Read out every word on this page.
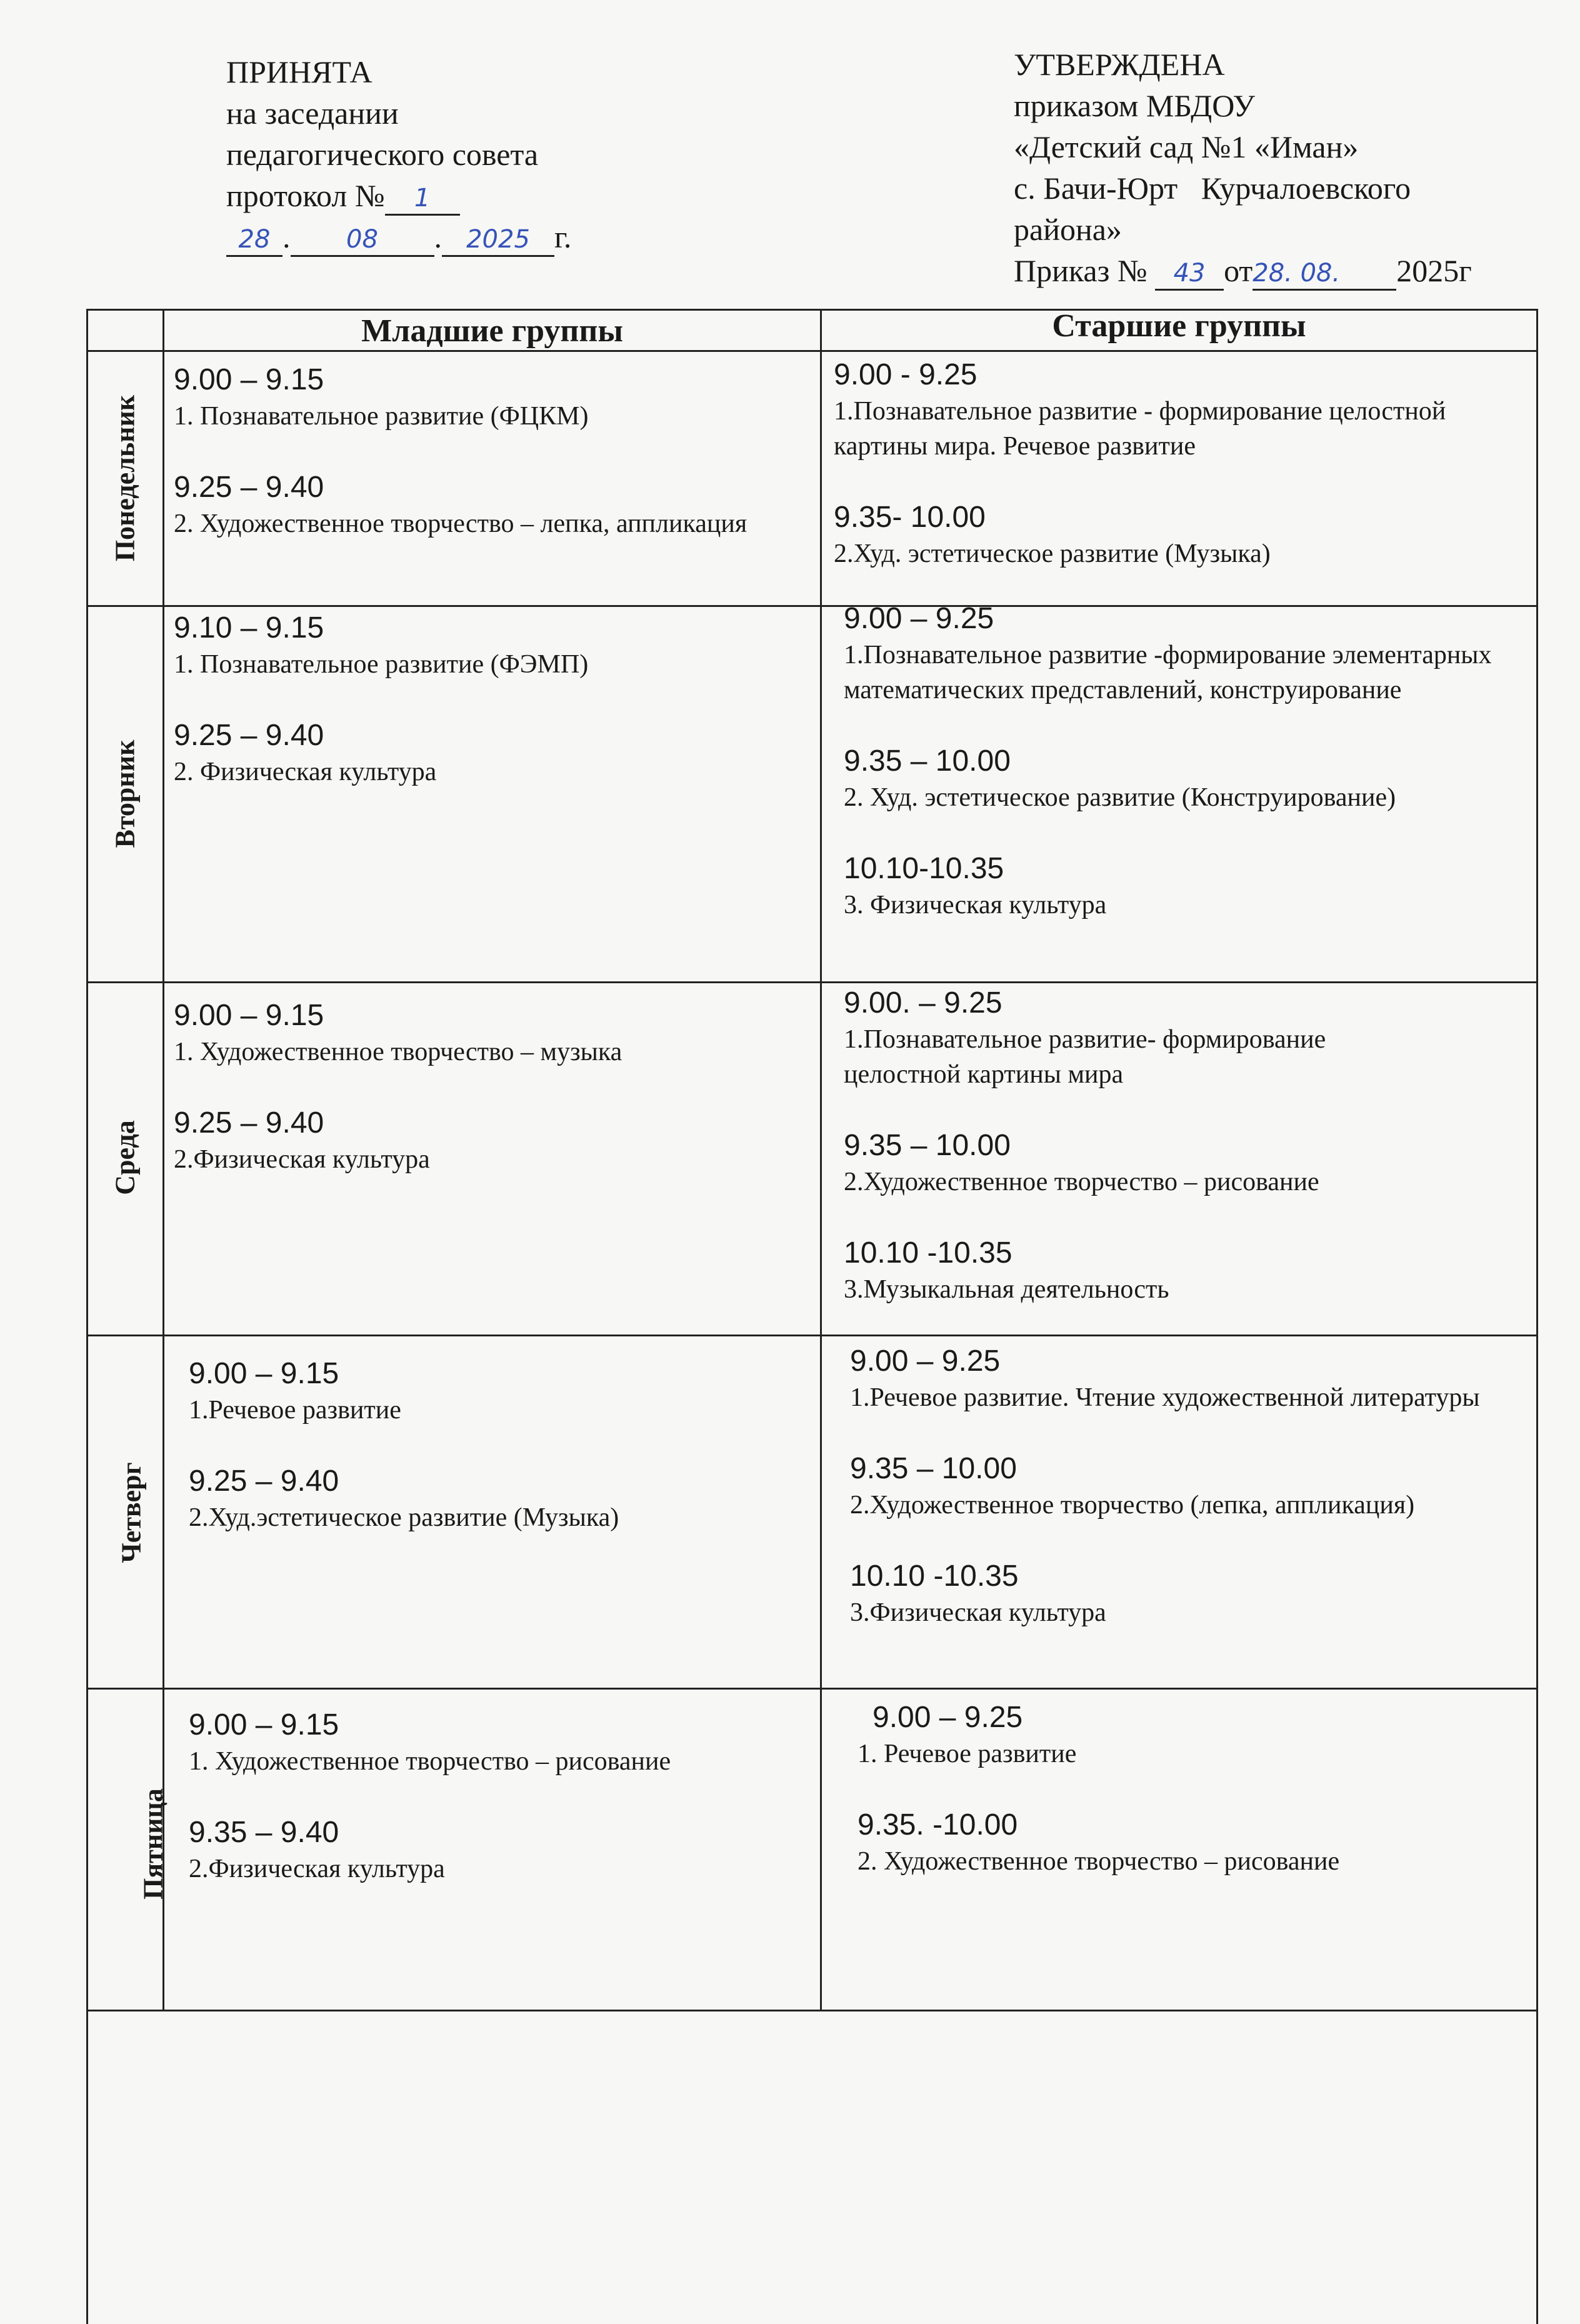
ПРИНЯТА
на заседании
педагогического совета
протокол № 1
28 . 08 . 2025 г.
УТВЕРЖДЕНА
приказом МБДОУ
«Детский сад №1 «Иман»
с. Бачи-Юрт   Курчалоевского
района»
Приказ № 43 от28. 08. 2025г
Младшие группы	Старшие группы
Понедельник

9.00 – 9.15

1. Познавательное развитие (ФЦКМ)

9.25 – 9.40

2. Художественное творчество – лепка, аппликация

9.00 - 9.25

1.Познавательное развитие - формирование целостной картины мира. Речевое развитие

9.35- 10.00

2.Худ. эстетическое развитие (Музыка)

Вторник

9.10 – 9.15

1. Познавательное развитие (ФЭМП)

9.25 – 9.40

2. Физическая культура

9.00 – 9.25

1.Познавательное развитие -формирование элементарных математических представлений, конструирование

9.35 – 10.00

2. Худ. эстетическое развитие (Конструирование)

10.10-10.35

3. Физическая культура

Среда

9.00 – 9.15

1. Художественное творчество – музыка

9.25 – 9.40

2.Физическая культура

9.00. – 9.25

1.Познавательное развитие- формирование целостной картины мира

9.35 – 10.00

2.Художественное творчество – рисование

10.10 -10.35

3.Музыкальная деятельность

Четверг

9.00 – 9.15

1.Речевое развитие

9.25 – 9.40

2.Худ.эстетическое развитие (Музыка)

9.00 – 9.25

1.Речевое развитие. Чтение художественной литературы

9.35 – 10.00

2.Художественное творчество (лепка, аппликация)

10.10 -10.35

3.Физическая культура

Пятница

9.00 – 9.15

1. Художественное творчество – рисование

9.35 – 9.40

2.Физическая культура

9.00 – 9.25

1. Речевое развитие

9.35. -10.00

2. Художественное творчество – рисование
